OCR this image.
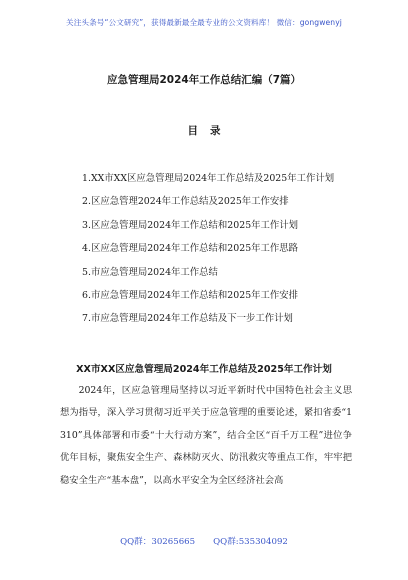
关注头条号“公文研究”，获得最新最全最专业的公文资料库！ 微信：gongwenyj
应急管理局2024年工作总结汇编（7篇）
目录
1.XX市XX区应急管理局2024年工作总结及2025年工作计划
2.区应急管理2024年工作总结及2025年工作安排
3.区应急管理局2024年工作总结和2025年工作计划
4.区应急管理局2024年工作总结和2025年工作思路
5.市应急管理局2024年工作总结
6.市应急管理局2024年工作总结和2025年工作安排
7.市应急管理局2024年工作总结及下一步工作计划
XX市XX区应急管理局2024年工作总结及2025年工作计划

2024年，区应急管理局坚持以习近平新时代中国特色社会主义思想为指导，深入学习贯彻习近平关于应急管理的重要论述，紧扣省委“1310”具体部署和市委“十大行动方案”，结合全区“百千万工程”进位争优年目标，聚焦安全生产、森林防灭火、防汛救灾等重点工作，牢牢把稳安全生产“基本盘”，以高水平安全为全区经济社会高

QQ群：30265665 QQ群:535304092
